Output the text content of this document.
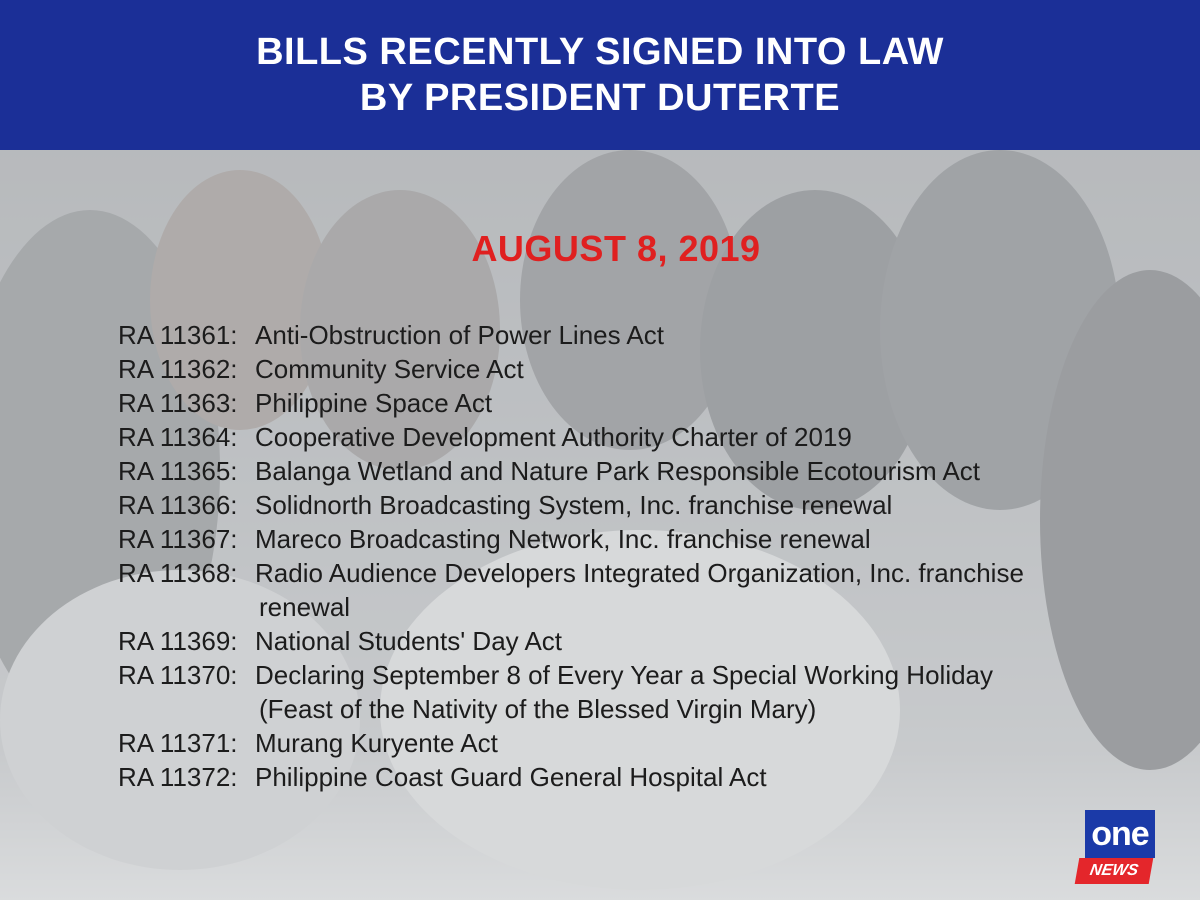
BILLS RECENTLY SIGNED INTO LAW
BY PRESIDENT DUTERTE
AUGUST 8, 2019
RA 11361: Anti-Obstruction of Power Lines Act
RA 11362: Community Service Act
RA 11363: Philippine Space Act
RA 11364: Cooperative Development Authority Charter of 2019
RA 11365: Balanga Wetland and Nature Park Responsible Ecotourism Act
RA 11366: Solidnorth Broadcasting System, Inc. franchise renewal
RA 11367: Mareco Broadcasting Network, Inc. franchise renewal
RA 11368: Radio Audience Developers Integrated Organization, Inc. franchise
renewal
RA 11369: National Students' Day Act
RA 11370: Declaring September 8 of Every Year a Special Working Holiday
(Feast of the Nativity of the Blessed Virgin Mary)
RA 11371: Murang Kuryente Act
RA 11372: Philippine Coast Guard General Hospital Act
one
NEWS
